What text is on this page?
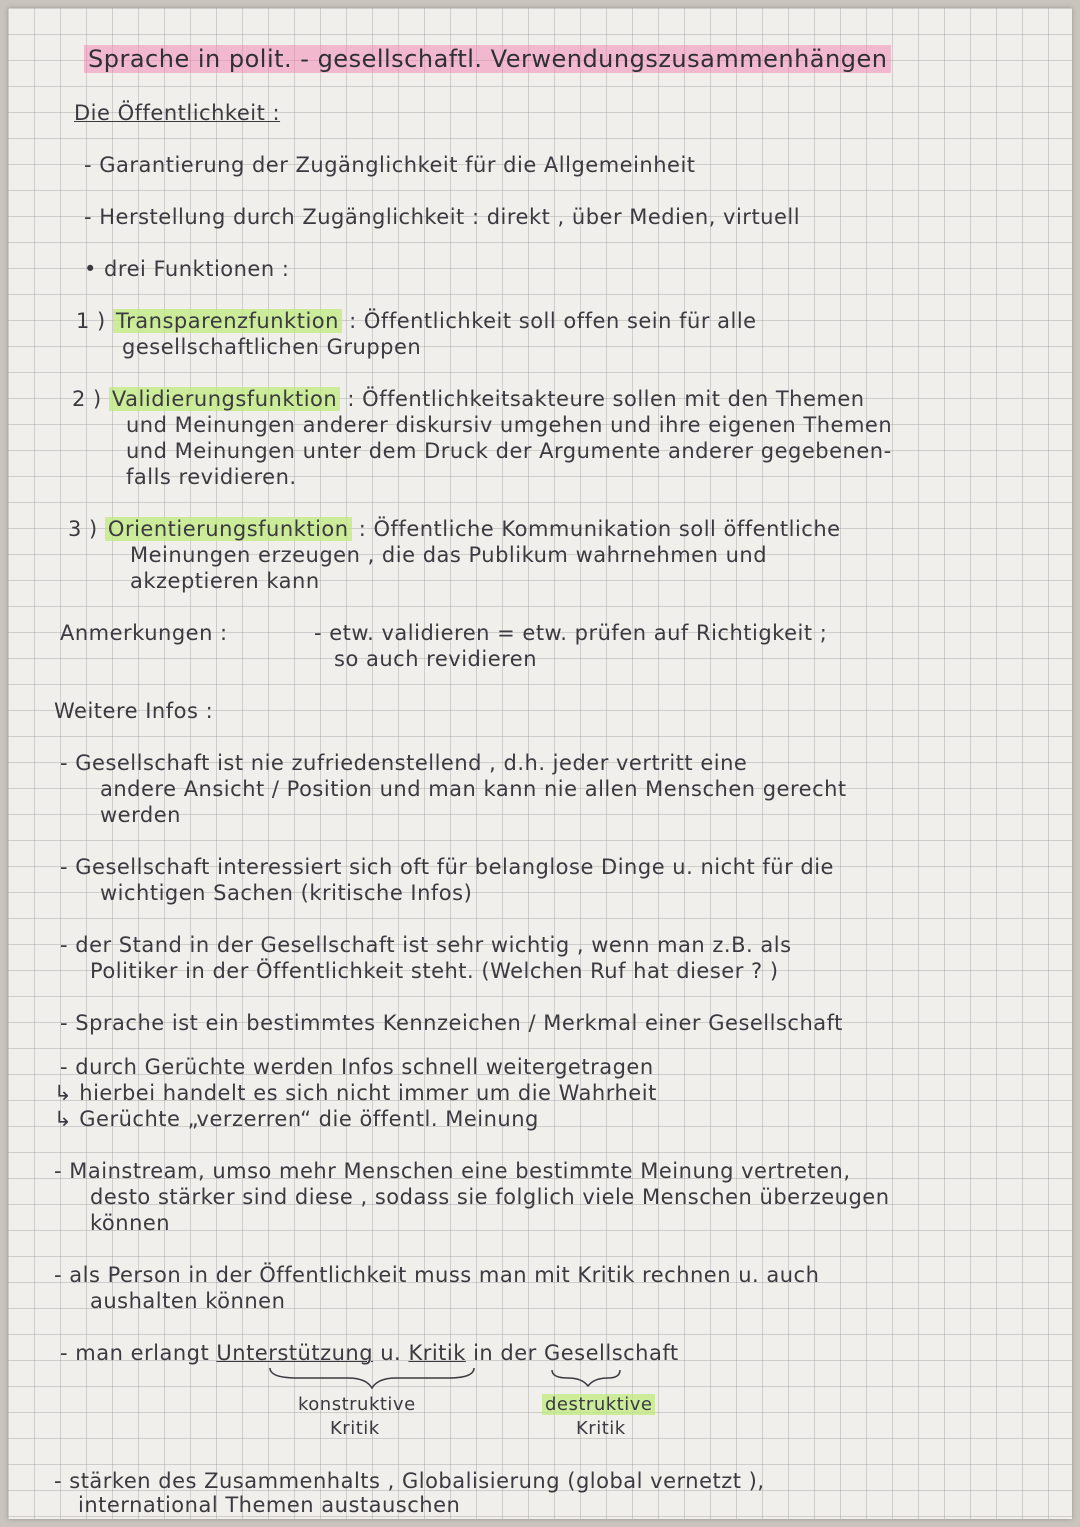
Sprache in polit. - gesellschaftl. Verwendungszusammenhängen

Die Öffentlichkeit :

- Garantierung der Zugänglichkeit für die Allgemeinheit

- Herstellung durch Zugänglichkeit : direkt , über Medien, virtuell

• drei Funktionen :

1 ) Transparenzfunktion : Öffentlichkeit soll offen sein für alle

gesellschaftlichen Gruppen

2 ) Validierungsfunktion : Öffentlichkeitsakteure sollen mit den Themen

und Meinungen anderer diskursiv umgehen und ihre eigenen Themen

und Meinungen unter dem Druck der Argumente anderer gegebenen-

falls revidieren.

3 ) Orientierungsfunktion : Öffentliche Kommunikation soll öffentliche

Meinungen erzeugen , die das Publikum wahrnehmen und

akzeptieren kann

Anmerkungen :	- etw. validieren = etw. prüfen auf Richtigkeit ;

so auch revidieren

Weitere Infos :

- Gesellschaft ist nie zufriedenstellend , d.h. jeder vertritt eine

andere Ansicht / Position und man kann nie allen Menschen gerecht

werden

- Gesellschaft interessiert sich oft für belanglose Dinge u. nicht für die

wichtigen Sachen (kritische Infos)

- der Stand in der Gesellschaft ist sehr wichtig , wenn man z.B. als

Politiker in der Öffentlichkeit steht. (Welchen Ruf hat dieser ? )

- Sprache ist ein bestimmtes Kennzeichen / Merkmal einer Gesellschaft

- durch Gerüchte werden Infos schnell weitergetragen

↳ hierbei handelt es sich nicht immer um die Wahrheit

↳ Gerüchte „verzerren“ die öffentl. Meinung

- Mainstream, umso mehr Menschen eine bestimmte Meinung vertreten,

desto stärker sind diese , sodass sie folglich viele Menschen überzeugen

können

- als Person in der Öffentlichkeit muss man mit Kritik rechnen u. auch

aushalten können

- man erlangt Unterstützung u. Kritik in der Gesellschaft

konstruktive

Kritik

destruktive

Kritik

- stärken des Zusammenhalts , Globalisierung (global vernetzt ),

international Themen austauschen
